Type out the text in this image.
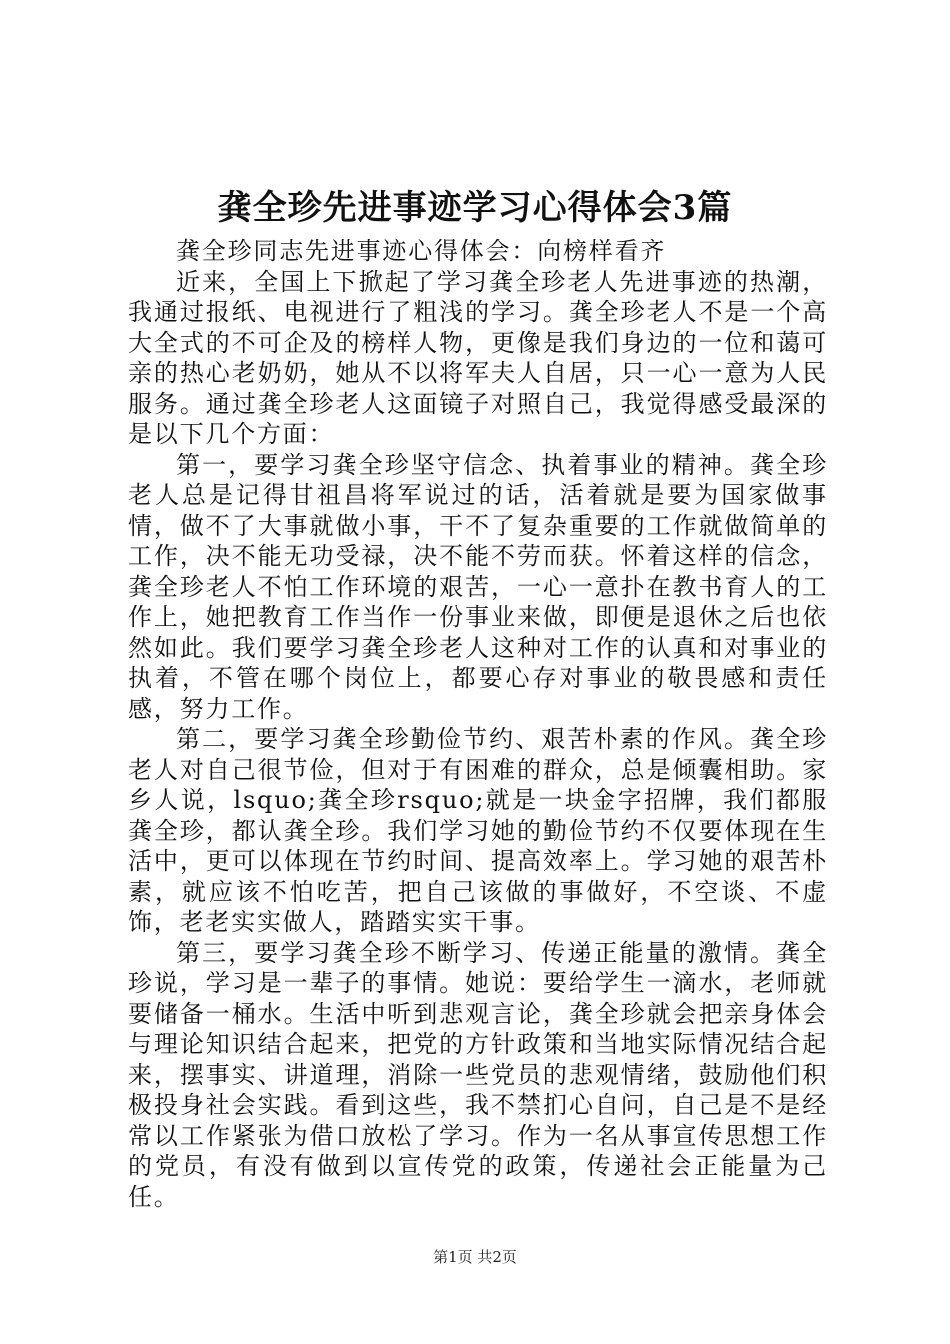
龚全珍先进事迹学习心得体会3篇

龚全珍同志先进事迹心得体会：向榜样看齐

近来，全国上下掀起了学习龚全珍老人先进事迹的热潮，我通过报纸、电视进行了粗浅的学习。龚全珍老人不是一个高大全式的不可企及的榜样人物，更像是我们身边的一位和蔼可亲的热心老奶奶，她从不以将军夫人自居，只一心一意为人民服务。通过龚全珍老人这面镜子对照自己，我觉得感受最深的是以下几个方面：

第一，要学习龚全珍坚守信念、执着事业的精神。龚全珍老人总是记得甘祖昌将军说过的话，活着就是要为国家做事情，做不了大事就做小事，干不了复杂重要的工作就做简单的工作，决不能无功受禄，决不能不劳而获。怀着这样的信念，龚全珍老人不怕工作环境的艰苦，一心一意扑在教书育人的工作上，她把教育工作当作一份事业来做，即便是退休之后也依然如此。我们要学习龚全珍老人这种对工作的认真和对事业的执着，不管在哪个岗位上，都要心存对事业的敬畏感和责任感，努力工作。

第二，要学习龚全珍勤俭节约、艰苦朴素的作风。龚全珍老人对自己很节俭，但对于有困难的群众，总是倾囊相助。家乡人说，lsquo;龚全珍rsquo;就是一块金字招牌，我们都服龚全珍，都认龚全珍。我们学习她的勤俭节约不仅要体现在生活中，更可以体现在节约时间、提高效率上。学习她的艰苦朴素，就应该不怕吃苦，把自己该做的事做好，不空谈、不虚饰，老老实实做人，踏踏实实干事。

第三，要学习龚全珍不断学习、传递正能量的激情。龚全珍说，学习是一辈子的事情。她说：要给学生一滴水，老师就要储备一桶水。生活中听到悲观言论，龚全珍就会把亲身体会与理论知识结合起来，把党的方针政策和当地实际情况结合起来，摆事实、讲道理，消除一些党员的悲观情绪，鼓励他们积极投身社会实践。看到这些，我不禁扪心自问，自己是不是经常以工作紧张为借口放松了学习。作为一名从事宣传思想工作的党员，有没有做到以宣传党的政策，传递社会正能量为己任。

第1页 共2页
